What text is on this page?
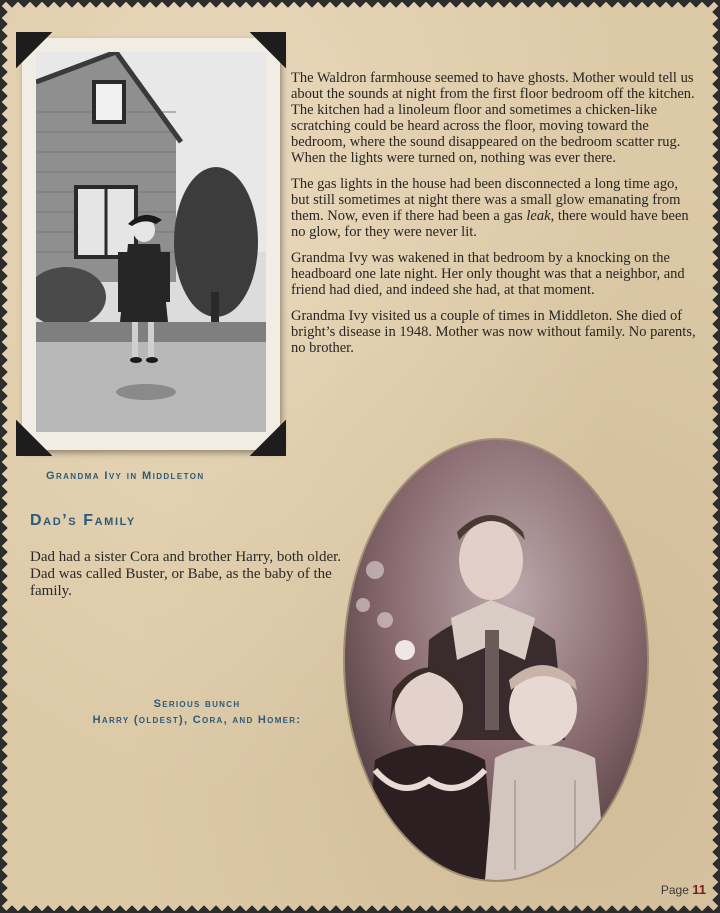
Grandma Ivy in Middleton

The Waldron farmhouse seemed to have ghosts. Mother would tell us about the sounds at night from the first floor bedroom off the kitchen. The kitchen had a linoleum floor and sometimes a chicken-like scratching could be heard across the floor, moving toward the bedroom, where the sound disappeared on the bedroom scatter rug. When the lights were turned on, nothing was ever there.

The gas lights in the house had been disconnected a long time ago, but still sometimes at night there was a small glow emanating from them. Now, even if there had been a gas leak, there would have been no glow, for they were never lit.

Grandma Ivy was wakened in that bedroom by a knocking on the headboard one late night. Her only thought was that a neighbor, and friend had died, and indeed she had, at that moment.

Grandma Ivy visited us a couple of times in Middleton. She died of bright’s disease in 1948. Mother was now without family. No parents, no brother.

Dad’s Family
Dad had a sister Cora and brother Harry, both older. Dad was called Buster, or Babe, as the baby of the family.
Serious bunch
Harry (oldest), Cora, and Homer:
Page 11
